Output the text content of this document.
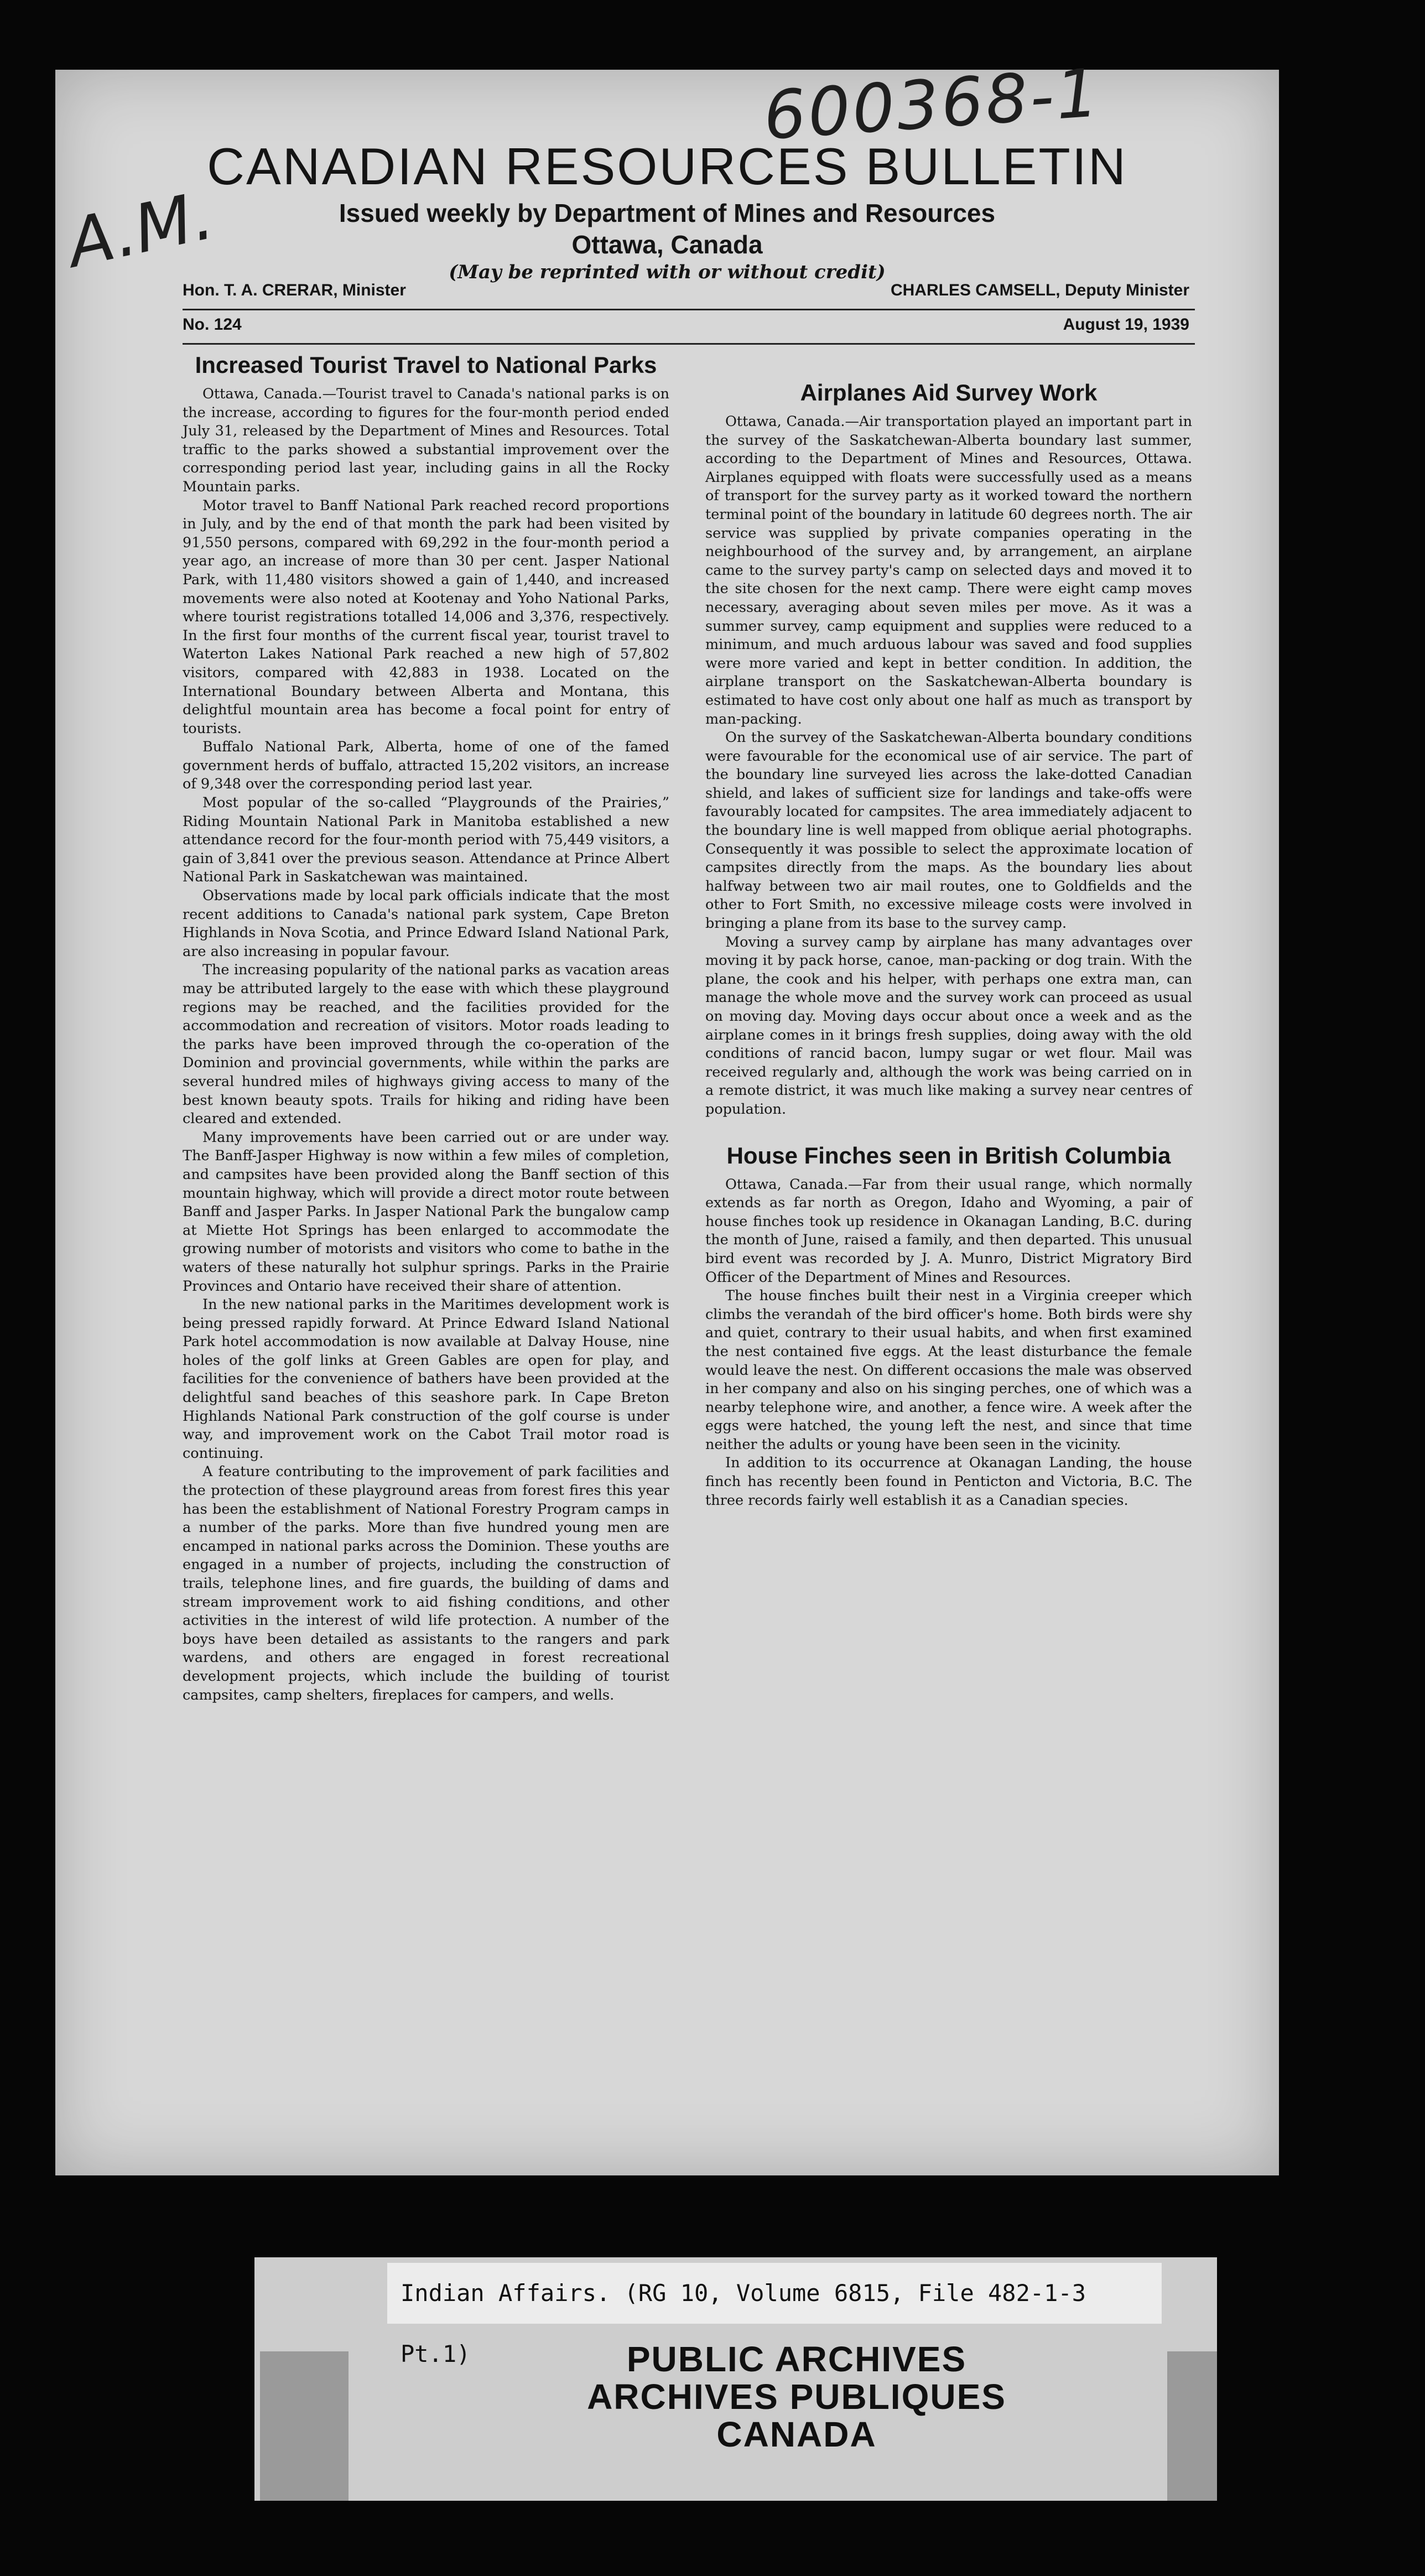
600368-1
A.M.
CANADIAN RESOURCES BULLETIN
Issued weekly by Department of Mines and Resources
Ottawa, Canada
(May be reprinted with or without credit)
Hon. T. A. CRERAR, Minister	CHARLES CAMSELL, Deputy Minister
No. 124	August 19, 1939
Increased Tourist Travel to National Parks

Ottawa, Canada.—Tourist travel to Canada's national parks is on the increase, according to figures for the four-month period ended July 31, released by the Department of Mines and Resources. Total traffic to the parks showed a substantial improvement over the corresponding period last year, including gains in all the Rocky Mountain parks.

Motor travel to Banff National Park reached record proportions in July, and by the end of that month the park had been visited by 91,550 persons, compared with 69,292 in the four-month period a year ago, an increase of more than 30 per cent. Jasper National Park, with 11,480 visitors showed a gain of 1,440, and increased movements were also noted at Kootenay and Yoho National Parks, where tourist registrations totalled 14,006 and 3,376, respectively. In the first four months of the current fiscal year, tourist travel to Waterton Lakes National Park reached a new high of 57,802 visitors, compared with 42,883 in 1938. Located on the International Boundary between Alberta and Montana, this delightful mountain area has become a focal point for entry of tourists.

Buffalo National Park, Alberta, home of one of the famed government herds of buffalo, attracted 15,202 visitors, an increase of 9,348 over the corresponding period last year.

Most popular of the so-called “Playgrounds of the Prairies,” Riding Mountain National Park in Manitoba established a new attendance record for the four-month period with 75,449 visitors, a gain of 3,841 over the previous season. Attendance at Prince Albert National Park in Saskatchewan was maintained.

Observations made by local park officials indicate that the most recent additions to Canada's national park system, Cape Breton Highlands in Nova Scotia, and Prince Edward Island National Park, are also increasing in popular favour.

The increasing popularity of the national parks as vacation areas may be attributed largely to the ease with which these playground regions may be reached, and the facilities provided for the accommodation and recreation of visitors. Motor roads leading to the parks have been improved through the co-operation of the Dominion and provincial governments, while within the parks are several hundred miles of highways giving access to many of the best known beauty spots. Trails for hiking and riding have been cleared and extended.

Many improvements have been carried out or are under way. The Banff-Jasper Highway is now within a few miles of completion, and campsites have been provided along the Banff section of this mountain highway, which will provide a direct motor route between Banff and Jasper Parks. In Jasper National Park the bungalow camp at Miette Hot Springs has been enlarged to accommodate the growing number of motorists and visitors who come to bathe in the waters of these naturally hot sulphur springs. Parks in the Prairie Provinces and Ontario have received their share of attention.

In the new national parks in the Maritimes development work is being pressed rapidly forward. At Prince Edward Island National Park hotel accommodation is now available at Dalvay House, nine holes of the golf links at Green Gables are open for play, and facilities for the convenience of bathers have been provided at the delightful sand beaches of this seashore park. In Cape Breton Highlands National Park construction of the golf course is under way, and improvement work on the Cabot Trail motor road is continuing.

A feature contributing to the improvement of park facilities and the protection of these playground areas from forest fires this year has been the establishment of National Forestry Program camps in a number of the parks. More than five hundred young men are encamped in national parks across the Dominion. These youths are engaged in a number of projects, including the construction of trails, telephone lines, and fire guards, the building of dams and stream improvement work to aid fishing conditions, and other activities in the interest of wild life protection. A number of the boys have been detailed as assistants to the rangers and park wardens, and others are engaged in forest recreational development projects, which include the building of tourist campsites, camp shelters, fireplaces for campers, and wells.

Airplanes Aid Survey Work

Ottawa, Canada.—Air transportation played an important part in the survey of the Saskatchewan-Alberta boundary last summer, according to the Department of Mines and Resources, Ottawa. Airplanes equipped with floats were successfully used as a means of transport for the survey party as it worked toward the northern terminal point of the boundary in latitude 60 degrees north. The air service was supplied by private companies operating in the neighbourhood of the survey and, by arrangement, an airplane came to the survey party's camp on selected days and moved it to the site chosen for the next camp. There were eight camp moves necessary, averaging about seven miles per move. As it was a summer survey, camp equipment and supplies were reduced to a minimum, and much arduous labour was saved and food supplies were more varied and kept in better condition. In addition, the airplane transport on the Saskatchewan-Alberta boundary is estimated to have cost only about one half as much as transport by man-packing.

On the survey of the Saskatchewan-Alberta boundary conditions were favourable for the economical use of air service. The part of the boundary line surveyed lies across the lake-dotted Canadian shield, and lakes of sufficient size for landings and take-offs were favourably located for campsites. The area immediately adjacent to the boundary line is well mapped from oblique aerial photographs. Consequently it was possible to select the approximate location of campsites directly from the maps. As the boundary lies about halfway between two air mail routes, one to Goldfields and the other to Fort Smith, no excessive mileage costs were involved in bringing a plane from its base to the survey camp.

Moving a survey camp by airplane has many advantages over moving it by pack horse, canoe, man-packing or dog train. With the plane, the cook and his helper, with perhaps one extra man, can manage the whole move and the survey work can proceed as usual on moving day. Moving days occur about once a week and as the airplane comes in it brings fresh supplies, doing away with the old conditions of rancid bacon, lumpy sugar or wet flour. Mail was received regularly and, although the work was being carried on in a remote district, it was much like making a survey near centres of population.

House Finches seen in British Columbia

Ottawa, Canada.—Far from their usual range, which normally extends as far north as Oregon, Idaho and Wyoming, a pair of house finches took up residence in Okanagan Landing, B.C. during the month of June, raised a family, and then departed. This unusual bird event was recorded by J. A. Munro, District Migratory Bird Officer of the Department of Mines and Resources.

The house finches built their nest in a Virginia creeper which climbs the verandah of the bird officer's home. Both birds were shy and quiet, contrary to their usual habits, and when first examined the nest contained five eggs. At the least disturbance the female would leave the nest. On different occasions the male was observed in her company and also on his singing perches, one of which was a nearby telephone wire, and another, a fence wire. A week after the eggs were hatched, the young left the nest, and since that time neither the adults or young have been seen in the vicinity.

In addition to its occurrence at Okanagan Landing, the house finch has recently been found in Penticton and Victoria, B.C. The three records fairly well establish it as a Canadian species.

Indian Affairs. (RG 10, Volume 6815, File 482-1-3 Pt.1)	PUBLIC ARCHIVES
ARCHIVES PUBLIQUES
CANADA
